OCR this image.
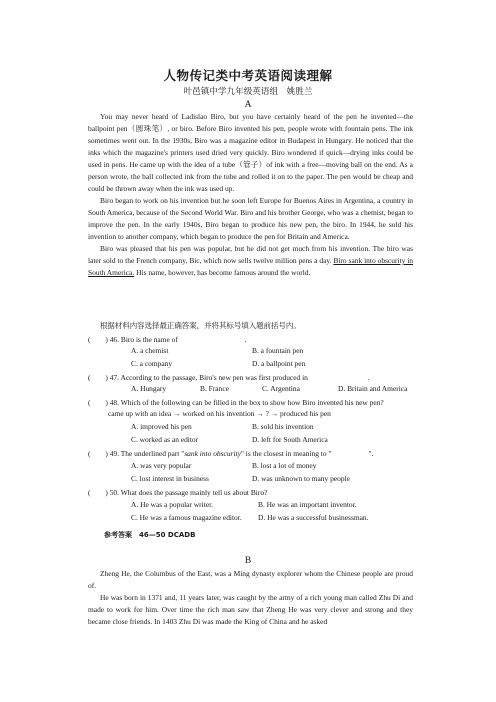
人物传记类中考英语阅读理解
叶邑镇中学九年级英语组　姚胜兰
A

You may never heard of Ladislao Biro, but you have certainly heard of the pen he invented—the ballpoint pen（圆珠笔）, or biro. Before Biro invented his pen, people wrote with fountain pens. The ink sometimes went out. In the 1930s, Biro was a magazine editor in Budapest in Hungary. He noticed that the inks which the magazine's printers used dried very quickly. Biro wondered if quick—drying inks could be used in pens. He came up with the idea of a tube（管子）of ink with a free—moving ball on the end. As a person wrote, the ball collected ink from the tube and rolled it on to the paper. The pen would be cheap and could be thrown away when the ink was used up.

Biro began to work on his invention but he soon left Europe for Buenos Aires in Argentina, a country in South America, because of the Second World War. Biro and his brother George, who was a chemist, began to improve the pen. In the early 1940s, Biro began to produce his new pen, the biro. In 1944, he sold his invention to another company, which began to produce the pen for Britain and America.

Biro was pleased that his pen was popular, but he did not get much from his invention. The biro was later sold to the French company, Bic, which now sells twelve million pens a day. Biro sank into obscurity in South America. His name, however, has become famous around the world.

根据材料内容选择最正确答案，并将其标号填入题前括号内。
(　　) 46. Biro is the name of　　　　　　　　　.
A. a chemist	B. a fountain pen
C. a company	D. a ballpoint pen
(　　) 47. According to the passage, Biro's new pen was first produced in　　　　　　　　.
A. Hungary	B. France	C. Argentina	D. Britain and America
(　　) 48. Which of the following can be filled in the box to show how Biro invented his new pen?
came up with an idea → worked on his invention → ? → produced his pen
A. improved his pen	B. sold his invention
C. worked as an editor	D. left for South America
(　　) 49. The underlined part "sank into obscurity" is the closest in meaning to "　　　　　".
A. was very popular	B. lost a lot of money
C. lost interest in business	D. was unknown to many people
(　　) 50. What does the passage mainly tell us about Biro?
A. He was a popular writer.	B. He was an important inventor.
C. He was a famous magazine editor. D. He was a successful businessman.
参考答案　46—50 DCADB
B

Zheng He, the Columbus of the East, was a Ming dynasty explorer whom the Chinese people are proud of.

He was born in 1371 and, 11 years later, was caught by the army of a rich young man called Zhu Di and made to work for him. Over time the rich man saw that Zheng He was very clever and strong and they became close friends. In 1403 Zhu Di was made the King of China and he asked
